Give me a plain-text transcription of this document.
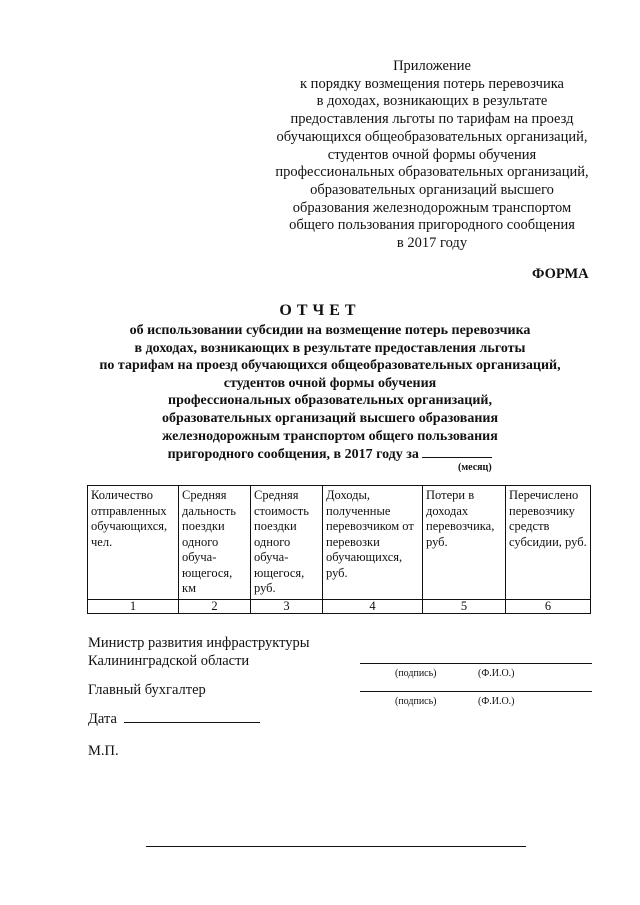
Приложение
к порядку возмещения потерь перевозчика
в доходах, возникающих в результате
предоставления льготы по тарифам на проезд
обучающихся общеобразовательных организаций,
студентов очной формы обучения
профессиональных образовательных организаций,
образовательных организаций высшего
образования железнодорожным транспортом
общего пользования пригородного сообщения
в 2017 году
ФОРМА
ОТЧЕТ
об использовании субсидии на возмещение потерь перевозчика
в доходах, возникающих в результате предоставления льготы
по тарифам на проезд обучающихся общеобразовательных организаций,
студентов очной формы обучения
профессиональных образовательных организаций,
образовательных организаций высшего образования
железнодорожным транспортом общего пользования
пригородного сообщения, в 2017 году за
(месяц)
Количество отправленных обучающихся, чел.	Средняя дальность поездки одного обуча-ющегося, км	Средняя стоимость поездки одного обуча-ющегося, руб.	Доходы, полученные перевозчиком от перевозки обучающихся, руб.	Потери в доходах перевозчика, руб.	Перечислено перевозчику средств субсидии, руб.
1	2	3	4	5	6
Министр развития инфраструктуры
Калининградской области
(подпись)	(Ф.И.О.)
Главный бухгалтер
(подпись)	(Ф.И.О.)
Дата
М.П.
